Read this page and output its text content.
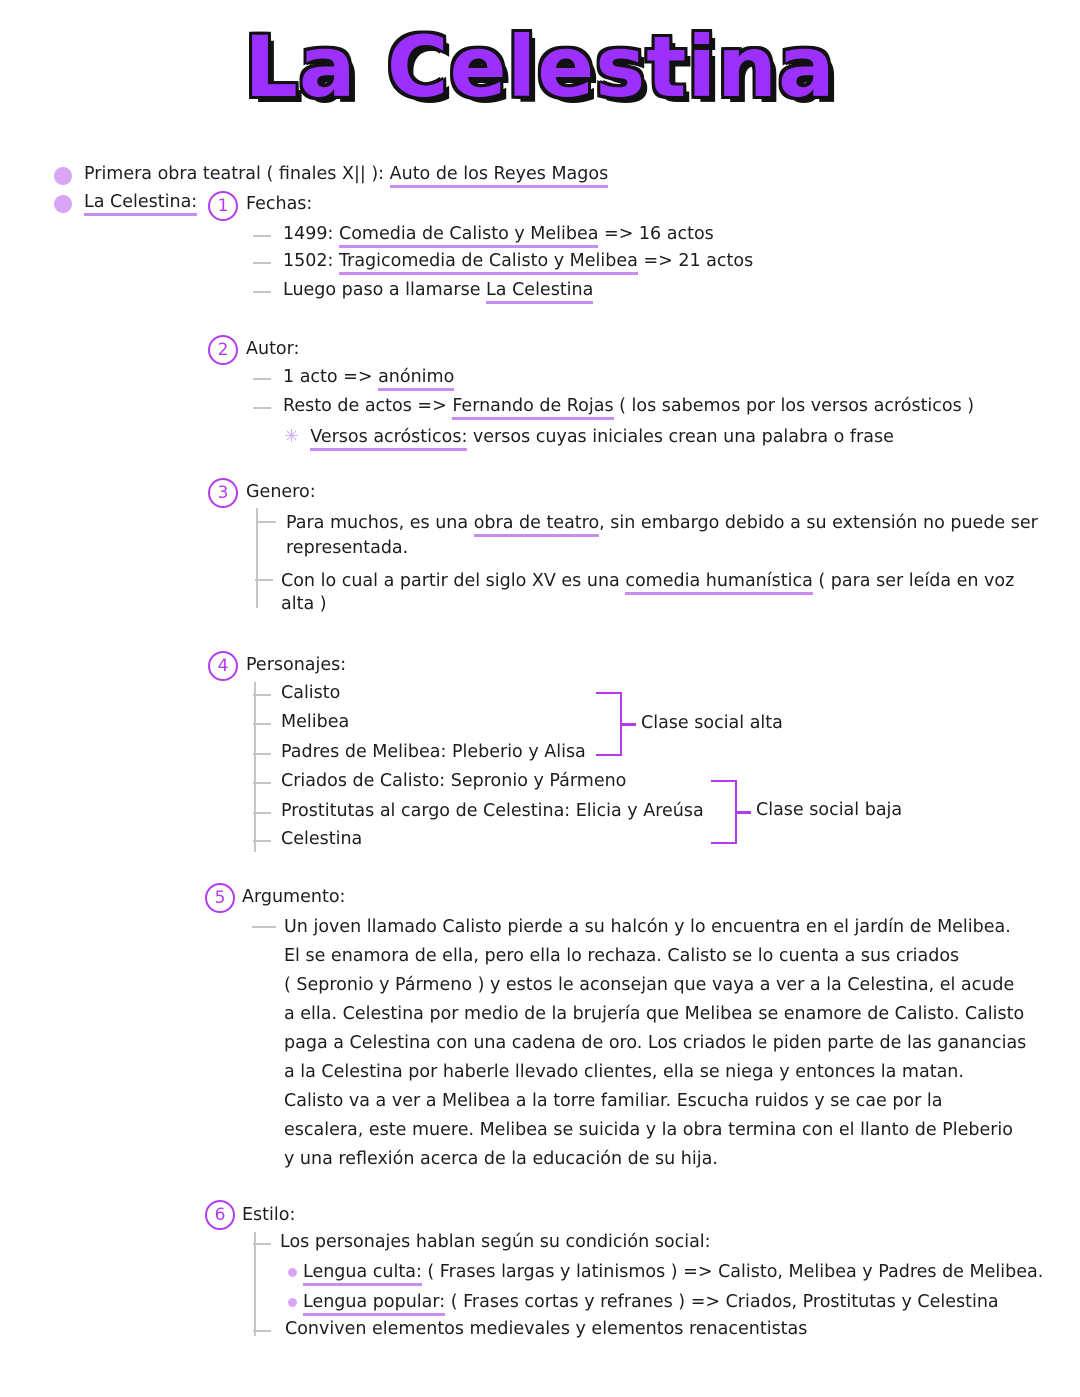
La Celestina
Primera obra teatral ( finales X|| ): Auto de los Reyes Magos
La Celestina:	1	Fechas:
1499: Comedia de Calisto y Melibea => 16 actos
1502: Tragicomedia de Calisto y Melibea => 21 actos
Luego paso a llamarse La Celestina
2	Autor:
1 acto => anónimo
Resto de actos => Fernando de Rojas ( los sabemos por los versos acrósticos )
✳ Versos acrósticos: versos cuyas iniciales crean una palabra o frase
3	Genero:
Para muchos, es una obra de teatro, sin embargo debido a su extensión no puede ser
representada.
Con lo cual a partir del siglo XV es una comedia humanística ( para ser leída en voz
alta )
4	Personajes:
Calisto
Melibea
Padres de Melibea: Pleberio y Alisa
Criados de Calisto: Sepronio y Pármeno
Prostitutas al cargo de Celestina: Elicia y Areúsa
Celestina
Clase social alta
Clase social baja
5 Argumento:
Un joven llamado Calisto pierde a su halcón y lo encuentra en el jardín de Melibea.
El se enamora de ella, pero ella lo rechaza. Calisto se lo cuenta a sus criados
( Sepronio y Pármeno ) y estos le aconsejan que vaya a ver a la Celestina, el acude
a ella. Celestina por medio de la brujería que Melibea se enamore de Calisto. Calisto
paga a Celestina con una cadena de oro. Los criados le piden parte de las ganancias
a la Celestina por haberle llevado clientes, ella se niega y entonces la matan.
Calisto va a ver a Melibea a la torre familiar. Escucha ruidos y se cae por la
escalera, este muere. Melibea se suicida y la obra termina con el llanto de Pleberio
y una reflexión acerca de la educación de su hija.
6 Estilo:
Los personajes hablan según su condición social:
Lengua culta: ( Frases largas y latinismos ) => Calisto, Melibea y Padres de Melibea.
Lengua popular: ( Frases cortas y refranes ) => Criados, Prostitutas y Celestina
Conviven elementos medievales y elementos renacentistas
